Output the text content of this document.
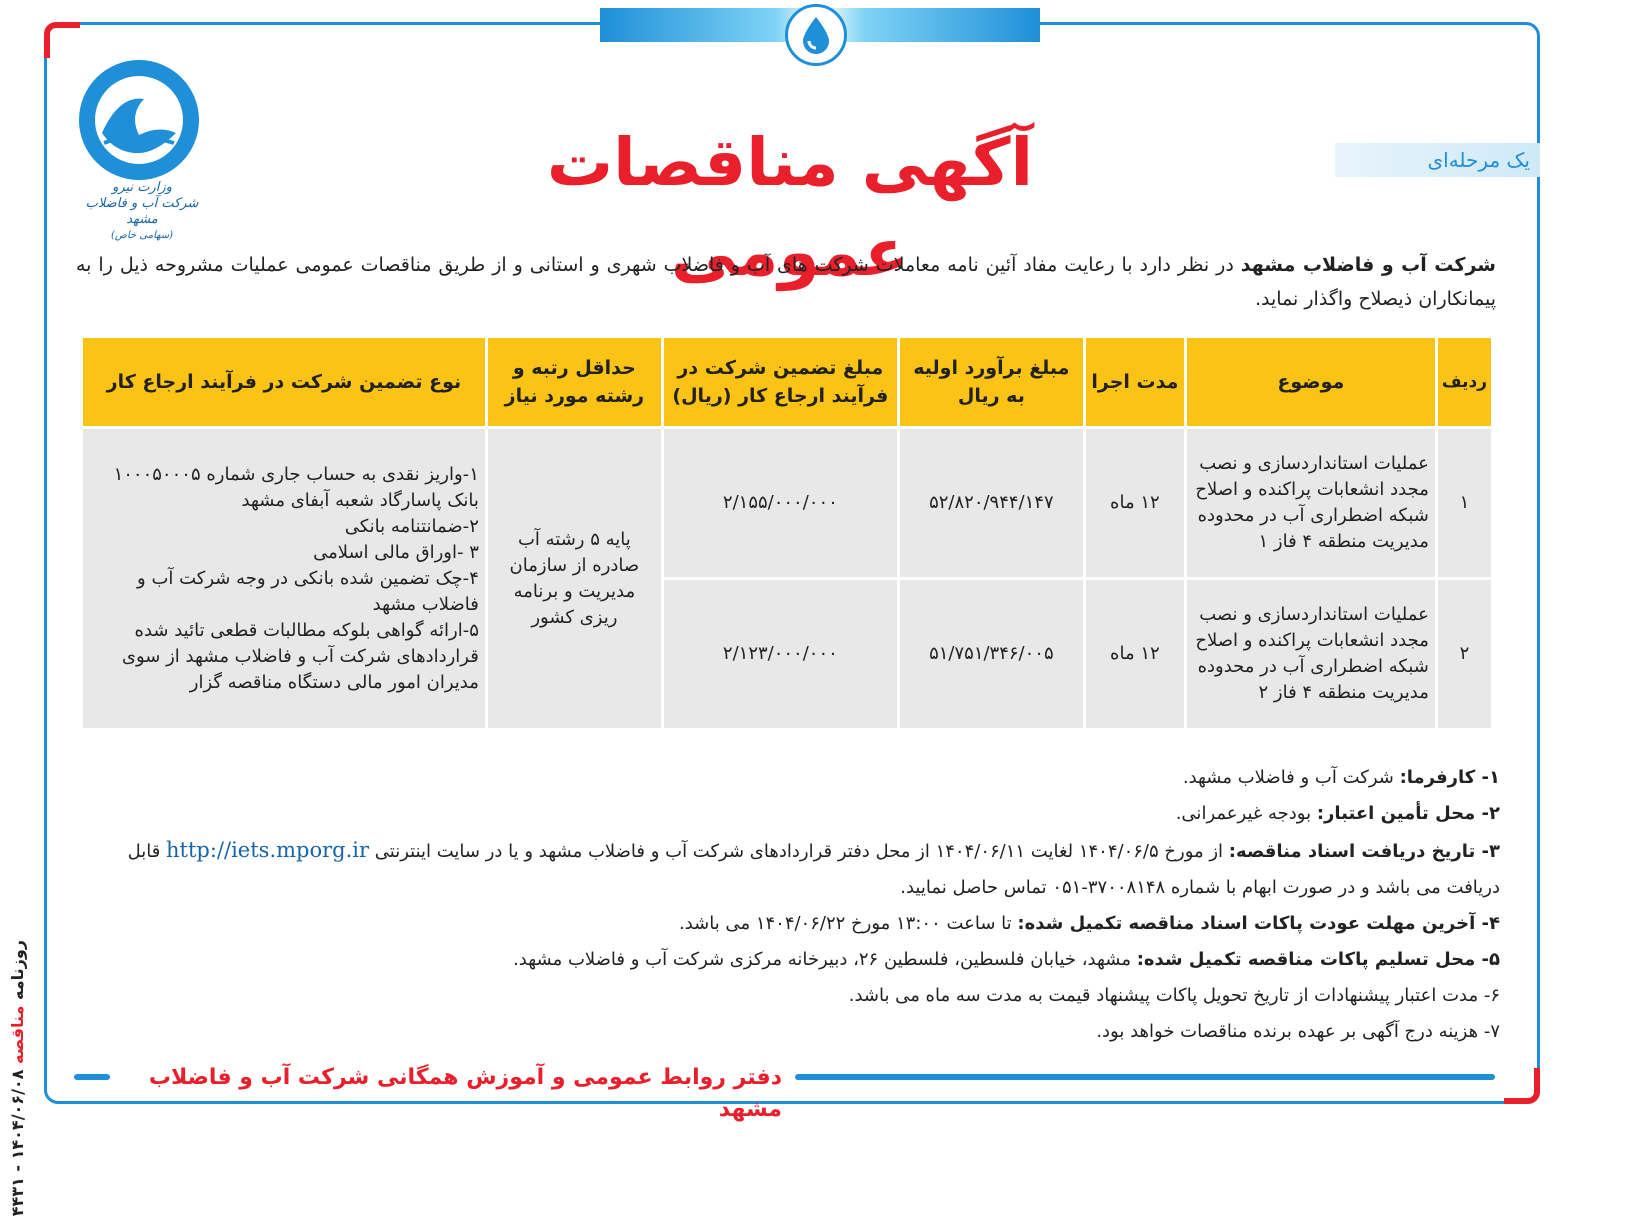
وزارت نیرو
شرکت آب و فاضلاب مشهد
(سهامی خاص)
یک مرحله‌ای
آگهی مناقصات عمومی	شرکت آب و فاضلاب مشهد در نظر دارد با رعایت مفاد آئین نامه معاملات شرکت های آب و فاضلاب شهری و استانی و از طریق مناقصات عمومی عملیات مشروحه ذیل را به پیمانکاران ذیصلاح واگذار نماید.
ردیف	موضوع	مدت اجرا	مبلغ برآورد اولیه به ریال	مبلغ تضمین شرکت در فرآیند ارجاع کار (ریال)	حداقل رتبه و رشته مورد نیاز	نوع تضمین شرکت در فرآیند ارجاع کار
۱	عملیات استانداردسازی و نصب مجدد انشعابات پراکنده و اصلاح شبکه اضطراری آب در محدوده مدیریت منطقه ۴ فاز ۱	۱۲ ماه	۵۲/۸۲۰/۹۴۴/۱۴۷	۲/۱۵۵/۰۰۰/۰۰۰	پایه ۵ رشته آب صادره از سازمان مدیریت و برنامه ریزی کشور	۱-واریز نقدی به حساب جاری شماره ۱۰۰۰۵۰۰۰۵ بانک پاسارگاد شعبه آبفای مشهد
۲-ضمانتنامه بانکی
۳ -اوراق مالی اسلامی
۴-چک تضمین شده بانکی در وجه شرکت آب و فاضلاب مشهد
۵-ارائه گواهی بلوکه مطالبات قطعی تائید شده قراردادهای شرکت آب و فاضلاب مشهد از سوی مدیران امور مالی دستگاه مناقصه گزار

۲	عملیات استانداردسازی و نصب مجدد انشعابات پراکنده و اصلاح شبکه اضطراری آب در محدوده مدیریت منطقه ۴ فاز ۲	۱۲ ماه	۵۱/۷۵۱/۳۴۶/۰۰۵	۲/۱۲۳/۰۰۰/۰۰۰		
۱- کارفرما: شرکت آب و فاضلاب مشهد.
۲- محل تأمین اعتبار: بودجه غیرعمرانی.
۳- تاریخ دریافت اسناد مناقصه: از مورخ ۱۴۰۴/۰۶/۵ لغایت ۱۴۰۴/۰۶/۱۱ از محل دفتر قراردادهای شرکت آب و فاضلاب مشهد و یا در سایت اینترنتی http://iets.mporg.ir قابل دریافت می باشد و در صورت ابهام با شماره ۳۷۰۰۸۱۴۸-۰۵۱ تماس حاصل نمایید.
۴- آخرین مهلت عودت پاکات اسناد مناقصه تکمیل شده: تا ساعت ۱۳:۰۰ مورخ ۱۴۰۴/۰۶/۲۲ می باشد.
۵- محل تسلیم پاکات مناقصه تکمیل شده: مشهد، خیابان فلسطین، فلسطین ۲۶، دبیرخانه مرکزی شرکت آب و فاضلاب مشهد.
۶- مدت اعتبار پیشنهادات از تاریخ تحویل پاکات پیشنهاد قیمت به مدت سه ماه می باشد.
۷- هزینه درج آگهی بر عهده برنده مناقصات خواهد بود.
دفتر روابط عمومی و آموزش همگانی شرکت آب و فاضلاب مشهد
روزنامه مناقصه ۱۴۰۴/۰۶/۰۸ - ۴۴۳۱
